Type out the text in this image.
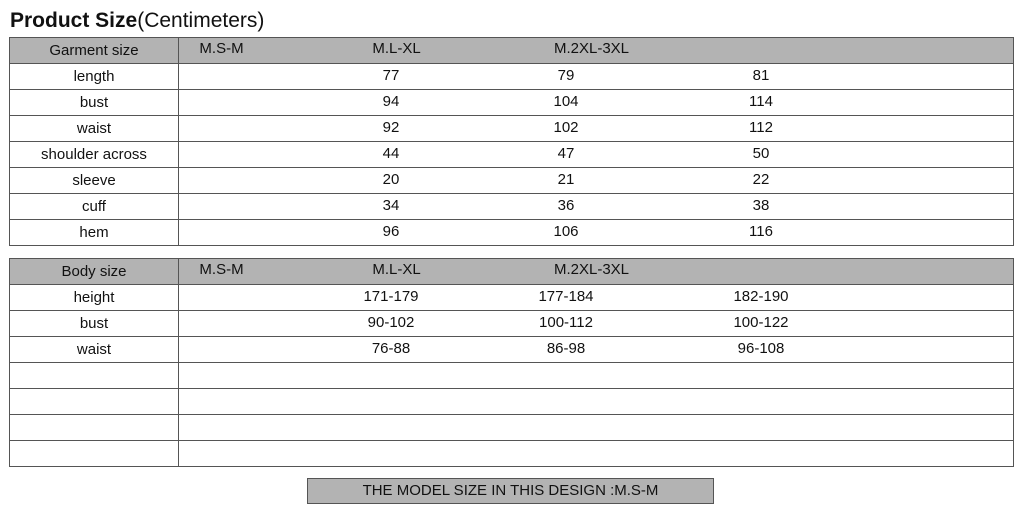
Product Size(Centimeters)
Garment size	M.S-M M.L-XL M.2XL-3XL

length	77 79 81

bust	94 104 114

waist	92 102 112

shoulder across	44 47 50

sleeve	20 21 22

cuff	34 36 38

hem	96 106 116
Body size	M.S-M M.L-XL M.2XL-3XL

height	171-179 177-184 182-190

bust	90-102 100-112 100-122

waist	76-88 86-98 96-108

THE MODEL SIZE IN THIS DESIGN :M.S-M
